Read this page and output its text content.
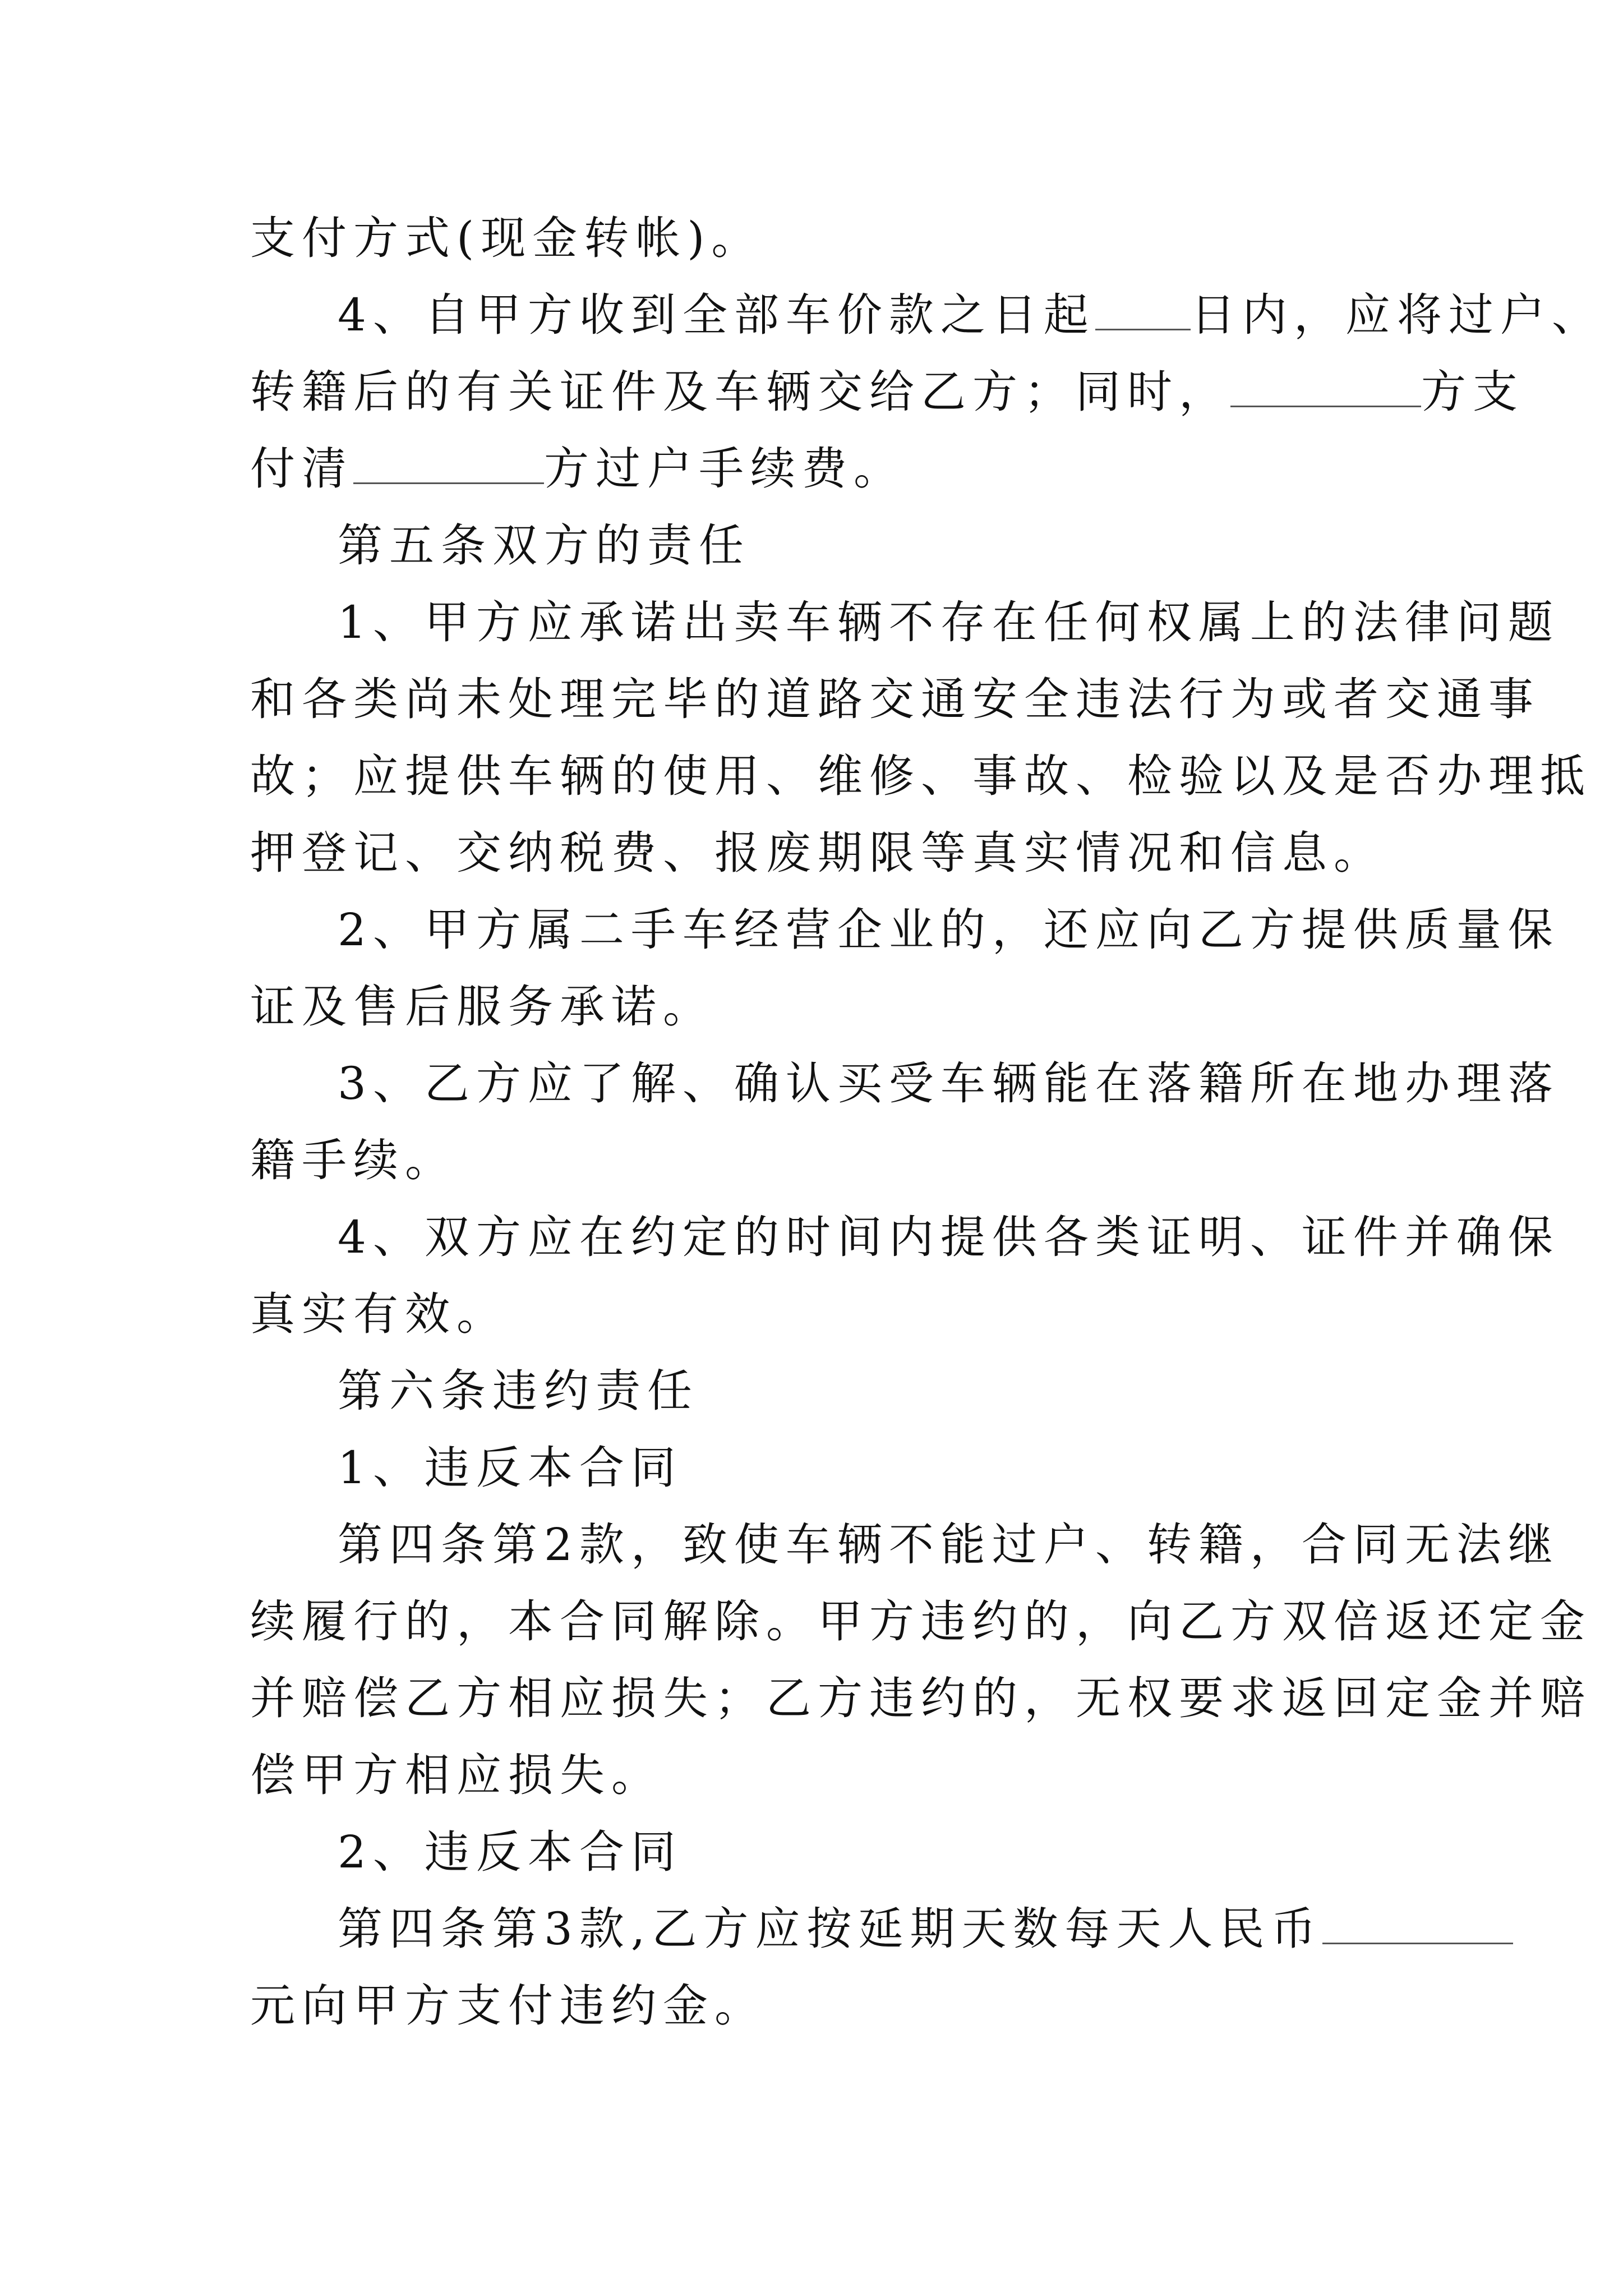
支付方式(现金转帐)。
4、自甲方收到全部车价款之日起 日内，应将过户、
转籍后的有关证件及车辆交给乙方；同时，	方支
付清	方过户手续费。
第五条双方的责任
1、甲方应承诺出卖车辆不存在任何权属上的法律问题
和各类尚未处理完毕的道路交通安全违法行为或者交通事
故；应提供车辆的使用、维修、事故、检验以及是否办理抵
押登记、交纳税费、报废期限等真实情况和信息。
2、甲方属二手车经营企业的，还应向乙方提供质量保
证及售后服务承诺。
3、乙方应了解、确认买受车辆能在落籍所在地办理落
籍手续。
4、双方应在约定的时间内提供各类证明、证件并确保
真实有效。
第六条违约责任
1、违反本合同
第四条第2款，致使车辆不能过户、转籍，合同无法继
续履行的，本合同解除。甲方违约的，向乙方双倍返还定金
并赔偿乙方相应损失；乙方违约的，无权要求返回定金并赔
偿甲方相应损失。
2、违反本合同
第四条第3款,乙方应按延期天数每天人民币
元向甲方支付违约金。
